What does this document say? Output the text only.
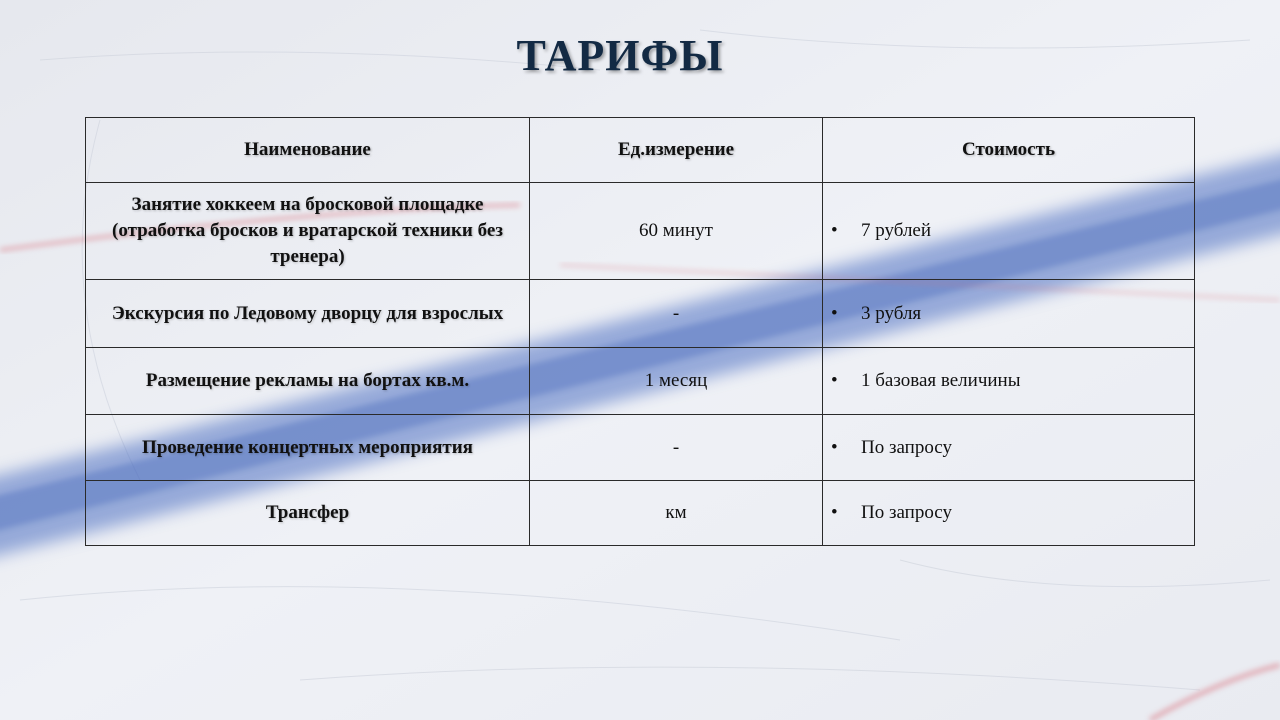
ТАРИФЫ
Наименование	Ед.измерение	Стоимость
Занятие хоккеем на бросковой площадке (отработка бросков и вратарской техники без тренера)	60 минут	• 7 рублей
Экскурсия по Ледовому дворцу для взрослых	-	• 3 рубля
Размещение рекламы на бортах кв.м.	1 месяц	• 1 базовая величины
Проведение концертных мероприятия	-	• По запросу
Трансфер	км	• По запросу
